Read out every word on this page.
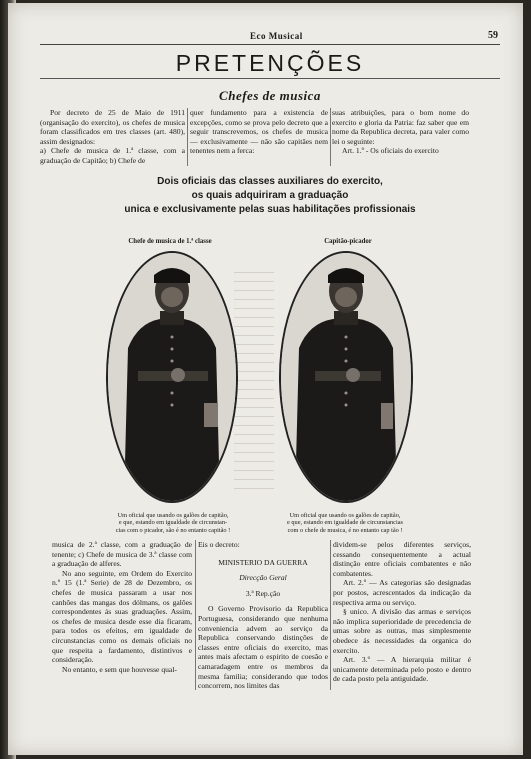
Eco Musical	59
PRETENÇÕES
Chefes de musica

Por decreto de 25 de Maio de 1911 (organisação do exercito), os chefes de musica foram classificados em tres classes (art. 480), assim designados:

a) Chefe de musica de 1.ª classe, com a graduação de Capitão; b) Chefe de

quer fundamento para a existencia de excepções, como se prova pelo decreto que a seguir transcrevemos, os chefes de musica — exclusivamente — não são capitães nem tenentes nem a ferca:

suas atribuições, para o bom nome do exercito e gloria da Patria: faz saber que em nome da Republica decreta, para valer como lei o seguinte:

Art. 1.º - Os oficiais do exercito

Dois oficiais das classes auxiliares do exercito,
os quais adquiriram a graduação
unica e exclusivamente pelas suas habilitações profissionais
Chefe de musica de 1.ª classe	Capitão-picador
Um oficial que usando os galões de capitão,
e que, estando em igualdade de circunstan-
cias com o picador, são é no entanto capitão !
Um oficial que usando os galões de capitão,
e que, estando em igualdade de circunstancias
com o chefe de musica, é no entanto cap tão !

musica de 2.ª classe, com a graduação de tenente; c) Chefe de musica de 3.ª classe com a graduação de alferes.

No ano seguinte, em Ordem do Exercito n.º 15 (1.ª Serie) de 28 de Dezembro, os chefes de musica passaram a usar nos canhões das mangas dos dólmans, os galões correspondentes ás suas graduações. Assim, os chefes de musica desde esse dia ficaram, para todos os efeitos, em igualdade de circunstancias como os demais oficiais no que respeita a fardamento, distintivos e consideração.

No entanto, e sem que houvesse qual-

Eis o decreto:

MINISTERIO DA GUERRA

Direcção Geral

3.ª Rep.ção

O Governo Provisorio da Republica Portuguesa, considerando que nenhuma conveniencia advem ao serviço da Republica conservando distinções de classes entre oficiais do exercito, mas antes mais afectam o espirito de coesão e camaradagem entre os membros da mesma familia; considerando que todos concorrem, nos limites das

dividem-se pelos diferentes serviços, cessando consequentemente a actual distinção entre oficiais combatentes e não combatentes.

Art. 2.º — As categorias são designadas por postos, acrescentados da indicação da respectiva arma ou serviço.

§ unico. A divisão das armas e serviços não implica superioridade de precedencia de umas sobre as outras, mas simplesmente obedece ás necessidades da organica do exercito.

Art. 3.º — A hierarquia militar é unicamente determinada pelo posto e dentro de cada posto pela antiguidade.
